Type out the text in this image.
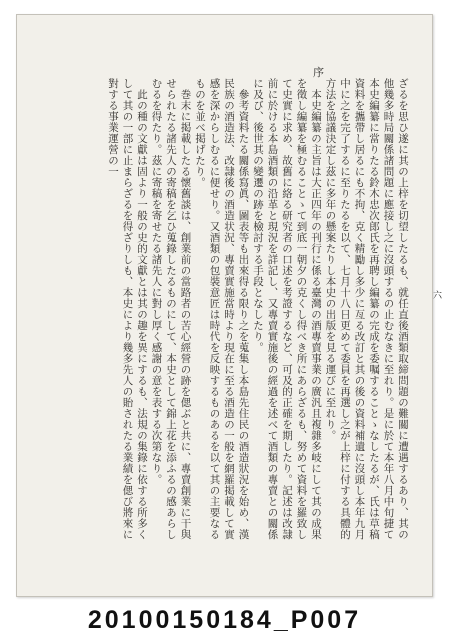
序
六

ざるを思ひ遂に其の上梓を切望したるも、就任直後酒類取締問題の難關に遭遇するあり、其の他幾多時局關係諸問題に應接し之に沒頭するの止むなきに至れり。是に於て本年八月中旬捷て本史編纂に當りたる鈴木忠次郎氏を再聘し編纂の完成を委嘱することゝなしたるが、氏は草稿資料を攜帶し居るにも不拘、克く精勵し多少に亙る改訂と其の後の資料補遺に沒頭し本年九月中に之を完了するに至りたるを以て、七月十八日更めて委員を再選し之が上梓に付する具體的方法を協議決定し茲に多年の懸案たりし本史の出版を見る運びに至れり。

本史編纂の主旨は大正四年の刊行に係る臺灣の酒專賣事業の廣汎且複雜多岐にして其の成果を徵し編纂を極むることゝて到底一朝夕の克くし得べき所にあらざるも、努めて資料を羅致して史實に求め、故舊に絡る研究者の口述を考證するなど、可及的正確を期したり。記述は改隷前に於ける本島酒類の沿革と現況を詳記し、又專賣實施後の經過を述べて酒類の專賣との關係に及び、後世其の變遷の跡を檢討する手段となしたり。

參考資料たる關係寫眞、圖表等も出來得る限り之を蒐集し本島先住民の酒造狀況を始め、漢民族の酒造法、改隷後の酒造状況、專賣實施當時より現在に至る酒造の一般を網羅掲載して實感を深からしむるに便せり。又酒類の包裝意匠は時代を反映するものあるを以て其の主要なるものを並べ掲げたり。

巻末に掲載したる懷舊談は、創業前の當路者の苦心經營の跡を偲ぶと共に、專賣創業に干與せられたる諸先人の寄稿を乞ひ蒐錄したるものにして、本史として錦上花を添ふるの感あらしむるを得たり。茲に寄稿を寄せたる諸先人に對し厚く感謝の意を表する次第なり。

此の種の文獻は固より一般の史的文獻とは其の趣を異にするも、法規の集錄に依する所多くして其の一部に止まらざるを得ざりしも、本史により幾多先人の貽されたる業績を偲び將來に對する事業運營の一

20100150184_P007
